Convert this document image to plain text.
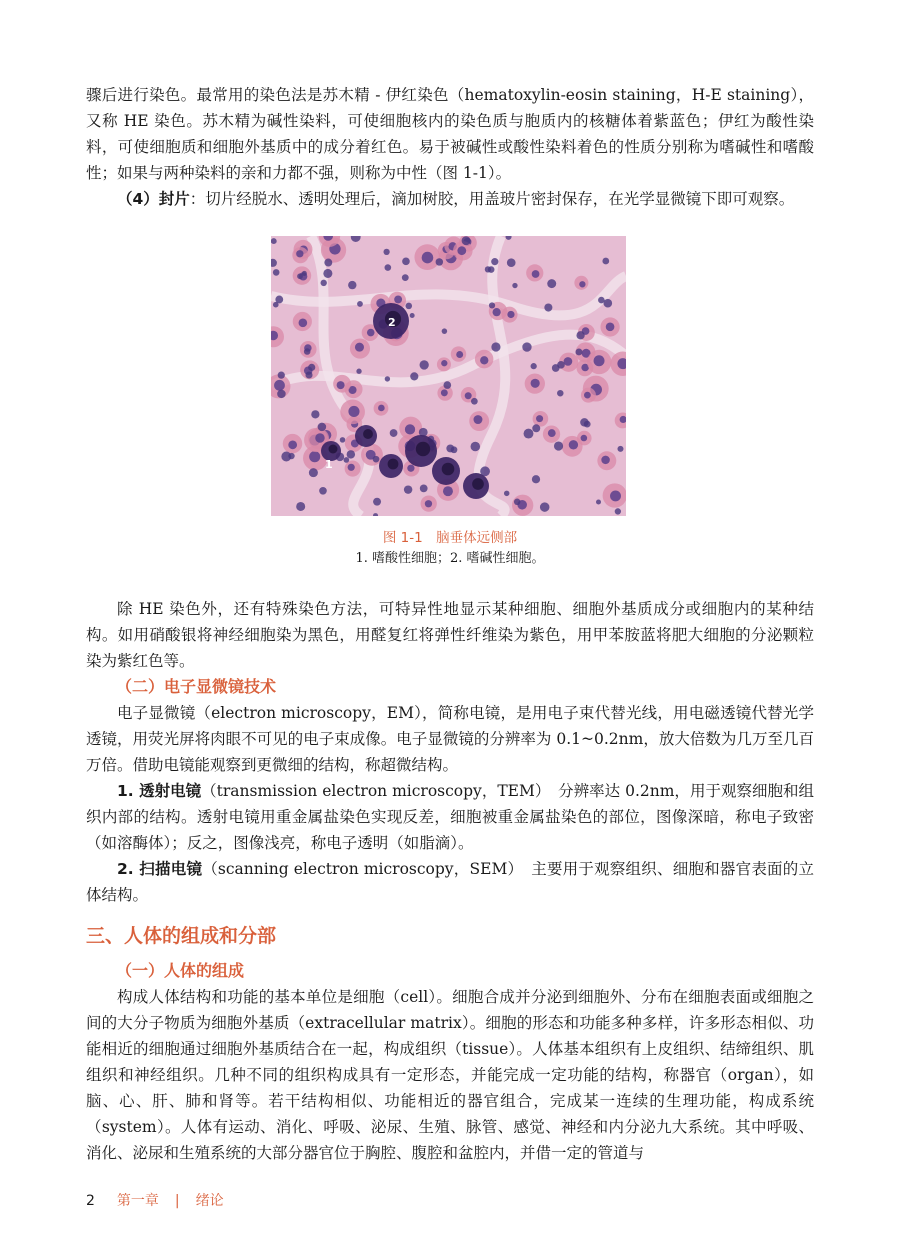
骤后进行染色。最常用的染色法是苏木精 - 伊红染色（hematoxylin-eosin staining，H-E staining），又称 HE 染色。苏木精为碱性染料，可使细胞核内的染色质与胞质内的核糖体着紫蓝色；伊红为酸性染料，可使细胞质和细胞外基质中的成分着红色。易于被碱性或酸性染料着色的性质分别称为嗜碱性和嗜酸性；如果与两种染料的亲和力都不强，则称为中性（图 1-1）。

（4）封片：切片经脱水、透明处理后，滴加树胶，用盖玻片密封保存，在光学显微镜下即可观察。

2
1

图 1-1　脑垂体远侧部

1. 嗜酸性细胞；2. 嗜碱性细胞。

除 HE 染色外，还有特殊染色方法，可特异性地显示某种细胞、细胞外基质成分或细胞内的某种结构。如用硝酸银将神经细胞染为黑色，用醛复红将弹性纤维染为紫色，用甲苯胺蓝将肥大细胞的分泌颗粒染为紫红色等。

（二）电子显微镜技术

电子显微镜（electron microscopy，EM），简称电镜，是用电子束代替光线，用电磁透镜代替光学透镜，用荧光屏将肉眼不可见的电子束成像。电子显微镜的分辨率为 0.1~0.2nm，放大倍数为几万至几百万倍。借助电镜能观察到更微细的结构，称超微结构。

1. 透射电镜（transmission electron microscopy，TEM）　分辨率达 0.2nm，用于观察细胞和组织内部的结构。透射电镜用重金属盐染色实现反差，细胞被重金属盐染色的部位，图像深暗，称电子致密（如溶酶体）；反之，图像浅亮，称电子透明（如脂滴）。

2. 扫描电镜（scanning electron microscopy，SEM）　主要用于观察组织、细胞和器官表面的立体结构。

三、人体的组成和分部
（一）人体的组成

构成人体结构和功能的基本单位是细胞（cell）。细胞合成并分泌到细胞外、分布在细胞表面或细胞之间的大分子物质为细胞外基质（extracellular matrix）。细胞的形态和功能多种多样，许多形态相似、功能相近的细胞通过细胞外基质结合在一起，构成组织（tissue）。人体基本组织有上皮组织、结缔组织、肌组织和神经组织。几种不同的组织构成具有一定形态，并能完成一定功能的结构，称器官（organ），如脑、心、肝、肺和肾等。若干结构相似、功能相近的器官组合，完成某一连续的生理功能，构成系统（system）。人体有运动、消化、呼吸、泌尿、生殖、脉管、感觉、神经和内分泌九大系统。其中呼吸、消化、泌尿和生殖系统的大部分器官位于胸腔、腹腔和盆腔内，并借一定的管道与

2 第一章 | 绪论
